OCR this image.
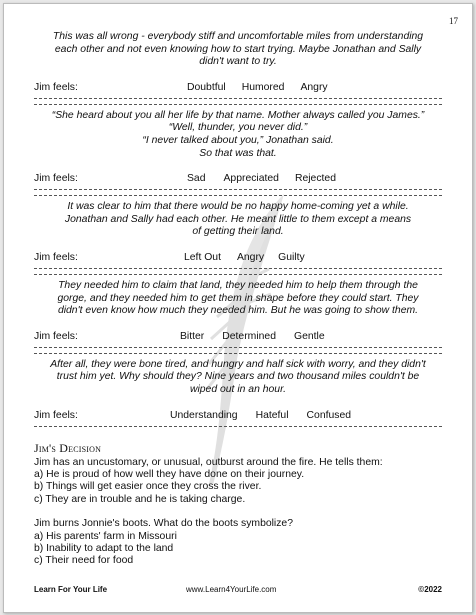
17
This was all wrong - everybody stiff and uncomfortable miles from understanding
each other and not even knowing how to start trying. Maybe Jonathan and Sally
didn't want to try.
Jim feels:	Doubtful Humored Angry
“She heard about you all her life by that name. Mother always called you James.”
“Well, thunder, you never did.”
“I never talked about you,” Jonathan said.
So that was that.
Jim feels:	Sad Appreciated Rejected
It was clear to him that there would be no happy home-coming yet a while.
Jonathan and Sally had each other. He meant little to them except a means
of getting their land.
Jim feels:	Left Out Angry Guilty
They needed him to claim that land, they needed him to help them through the
gorge, and they needed him to get them in shape before they could start. They
didn't even know how much they needed him. But he was going to show them.
Jim feels:	Bitter Determined Gentle
After all, they were bone tired, and hungry and half sick with worry, and they didn't
trust him yet. Why should they? Nine years and two thousand miles couldn't be
wiped out in an hour.
Jim feels:	Understanding Hateful Confused
Jim's Decision
Jim has an uncustomary, or unusual, outburst around the fire. He tells them:
a) He is proud of how well they have done on their journey.
b) Things will get easier once they cross the river.
c) They are in trouble and he is taking charge.
Jim burns Jonnie's boots. What do the boots symbolize?
a) His parents' farm in Missouri
b) Inability to adapt to the land
c) Their need for food
Learn For Your Life	www.Learn4YourLife.com	©2022
